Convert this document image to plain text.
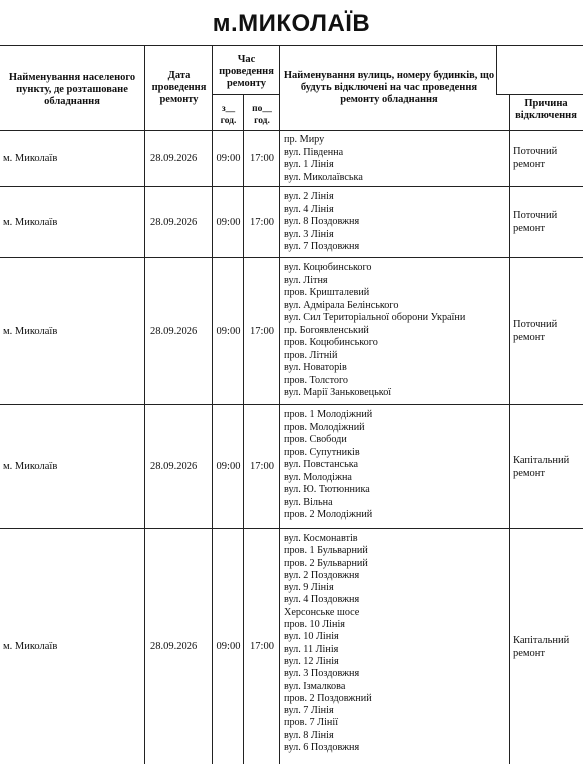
м.МИКОЛАЇВ
Найменування населеного пункту, де розташоване обладнання
Дата проведення ремонту
Час проведення ремонту
з__ год.
по__ год.
Найменування вулиць, номеру будинків, що будуть відключені на час проведення ремонту обладнання	Причина відключення
м. Миколаїв	28.09.2026	09:00 17:00
пр. Миру
вул. Південна
вул. 1 Лінія
вул. Миколаївська
Поточний ремонт
м. Миколаїв	28.09.2026	09:00 17:00
вул. 2 Лінія
вул. 4 Лінія
вул. 8 Поздовжня
вул. 3 Лінія
вул. 7 Поздовжня
Поточний ремонт
м. Миколаїв	28.09.2026	09:00 17:00
вул. Коцюбинського
вул. Літня
пров. Кришталевий
вул. Адмірала Белінського
вул. Сил Територіальної оборони України
пр. Богоявленський
пров. Коцюбинського
пров. Літній
вул. Новаторів
пров. Толстого
вул. Марії Заньковецької
Поточний ремонт
м. Миколаїв	28.09.2026	09:00 17:00
пров. 1 Молодіжний
пров. Молодіжний
пров. Свободи
пров. Супутників
вул. Повстанська
вул. Молодіжна
вул. Ю. Тютюнника
вул. Вільна
пров. 2 Молодіжний
Капітальний ремонт
м. Миколаїв	28.09.2026	09:00 17:00
вул. Космонавтів
пров. 1 Бульварний
пров. 2 Бульварний
вул. 2 Поздовжня
вул. 9 Лінія
вул. 4 Поздовжня
Херсонське шосе
пров. 10 Лінія
вул. 10 Лінія
вул. 11 Лінія
вул. 12 Лінія
вул. 3 Поздовжня
вул. Ізмалкова
пров. 2 Поздовжний
вул. 7 Лінія
пров. 7 Лінії
вул. 8 Лінія
вул. 6 Поздовжня
Капітальний ремонт
